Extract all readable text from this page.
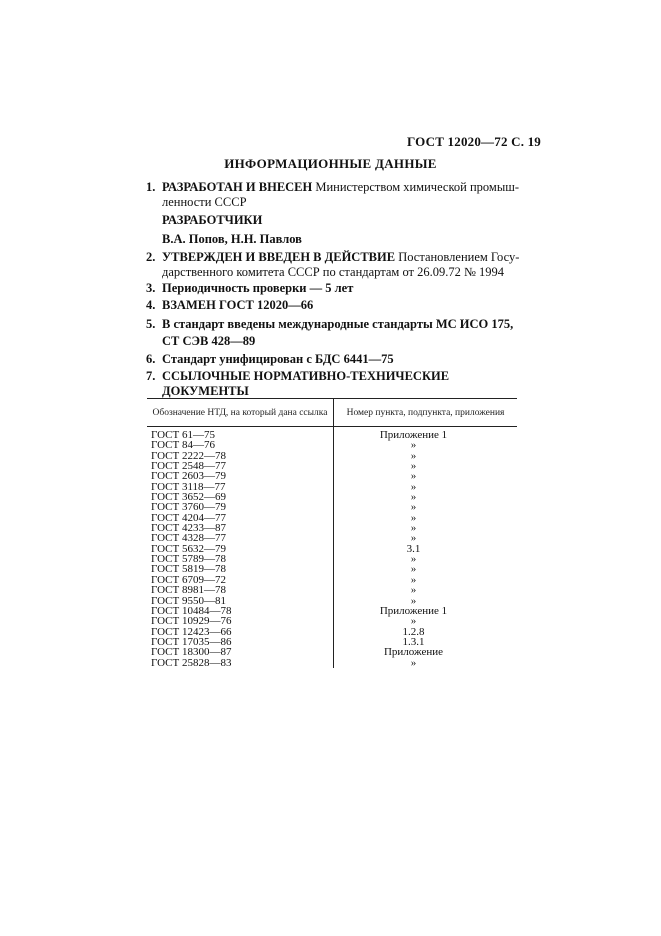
ГОСТ 12020—72 С. 19
ИНФОРМАЦИОННЫЕ ДАННЫЕ
1. РАЗРАБОТАН И ВНЕСЕН Министерством химической промыш-ленности СССР
РАЗРАБОТЧИКИ
В.А. Попов, Н.Н. Павлов
2. УТВЕРЖДЕН И ВВЕДЕН В ДЕЙСТВИЕ Постановлением Госу-дарственного комитета СССР по стандартам от 26.09.72 № 1994
3. Периодичность проверки — 5 лет
4. ВЗАМЕН ГОСТ 12020—66
5. В стандарт введены международные стандарты МС ИСО 175,
СТ СЭВ 428—89
6. Стандарт унифицирован с БДС 6441—75
7. ССЫЛОЧНЫЕ НОРМАТИВНО-ТЕХНИЧЕСКИЕ ДОКУМЕНТЫ
Обозначение НТД, на который дана ссылка	Номер пункта, подпункта, приложения
ГОСТ 61—75	Приложение 1
ГОСТ 84—76	»
ГОСТ 2222—78	»
ГОСТ 2548—77	»
ГОСТ 2603—79	»
ГОСТ 3118—77	»
ГОСТ 3652—69	»
ГОСТ 3760—79	»
ГОСТ 4204—77	»
ГОСТ 4233—87	»
ГОСТ 4328—77	»
ГОСТ 5632—79	3.1
ГОСТ 5789—78	»
ГОСТ 5819—78	»
ГОСТ 6709—72	»
ГОСТ 8981—78	»
ГОСТ 9550—81	»
ГОСТ 10484—78	Приложение 1
ГОСТ 10929—76	»
ГОСТ 12423—66	1.2.8
ГОСТ 17035—86	1.3.1
ГОСТ 18300—87	Приложение
ГОСТ 25828—83	»
